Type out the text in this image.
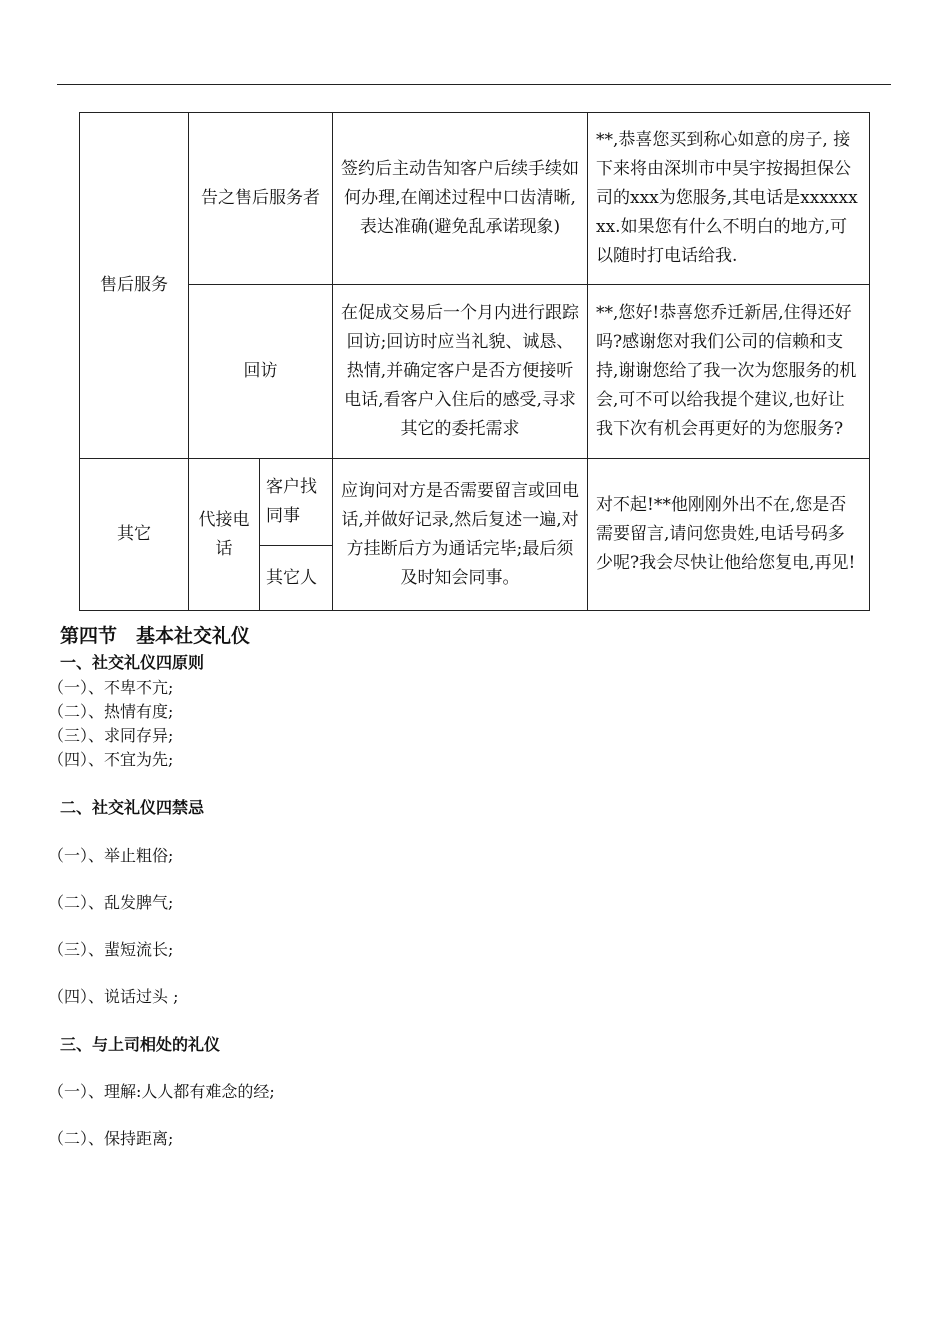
售后服务	告之售后服务者		签约后主动告知客户后续手续如何办理,在阐述过程中口齿清晰,表达准确(避免乱承诺现象)	**,恭喜您买到称心如意的房子, 接下来将由深圳市中昊宇按揭担保公司的xxx为您服务,其电话是xxxxxxxx.如果您有什么不明白的地方,可以随时打电话给我.
	回访		在促成交易后一个月内进行跟踪回访;回访时应当礼貌、诚恳、热情,并确定客户是否方便接听电话,看客户入住后的感受,寻求其它的委托需求	**,您好!恭喜您乔迁新居,住得还好吗?感谢您对我们公司的信赖和支持,谢谢您给了我一次为您服务的机会,可不可以给我提个建议,也好让我下次有机会再更好的为您服务?
其它	代接电话	客户找同事	应询问对方是否需要留言或回电话,并做好记录,然后复述一遍,对方挂断后方为通话完毕;最后须及时知会同事。	对不起!**他刚刚外出不在,您是否需要留言,请问您贵姓,电话号码多少呢?我会尽快让他给您复电,再见!
		其它人		
第四节　基本社交礼仪
一、社交礼仪四原则
（一）、不卑不亢;
（二）、热情有度;
（三）、求同存异;
（四）、不宜为先;
二、社交礼仪四禁忌
（一）、举止粗俗;
（二）、乱发脾气;
（三）、蜚短流长;
（四）、说话过头 ;
三、与上司相处的礼仪
（一）、理解:人人都有难念的经;
（二）、保持距离;
